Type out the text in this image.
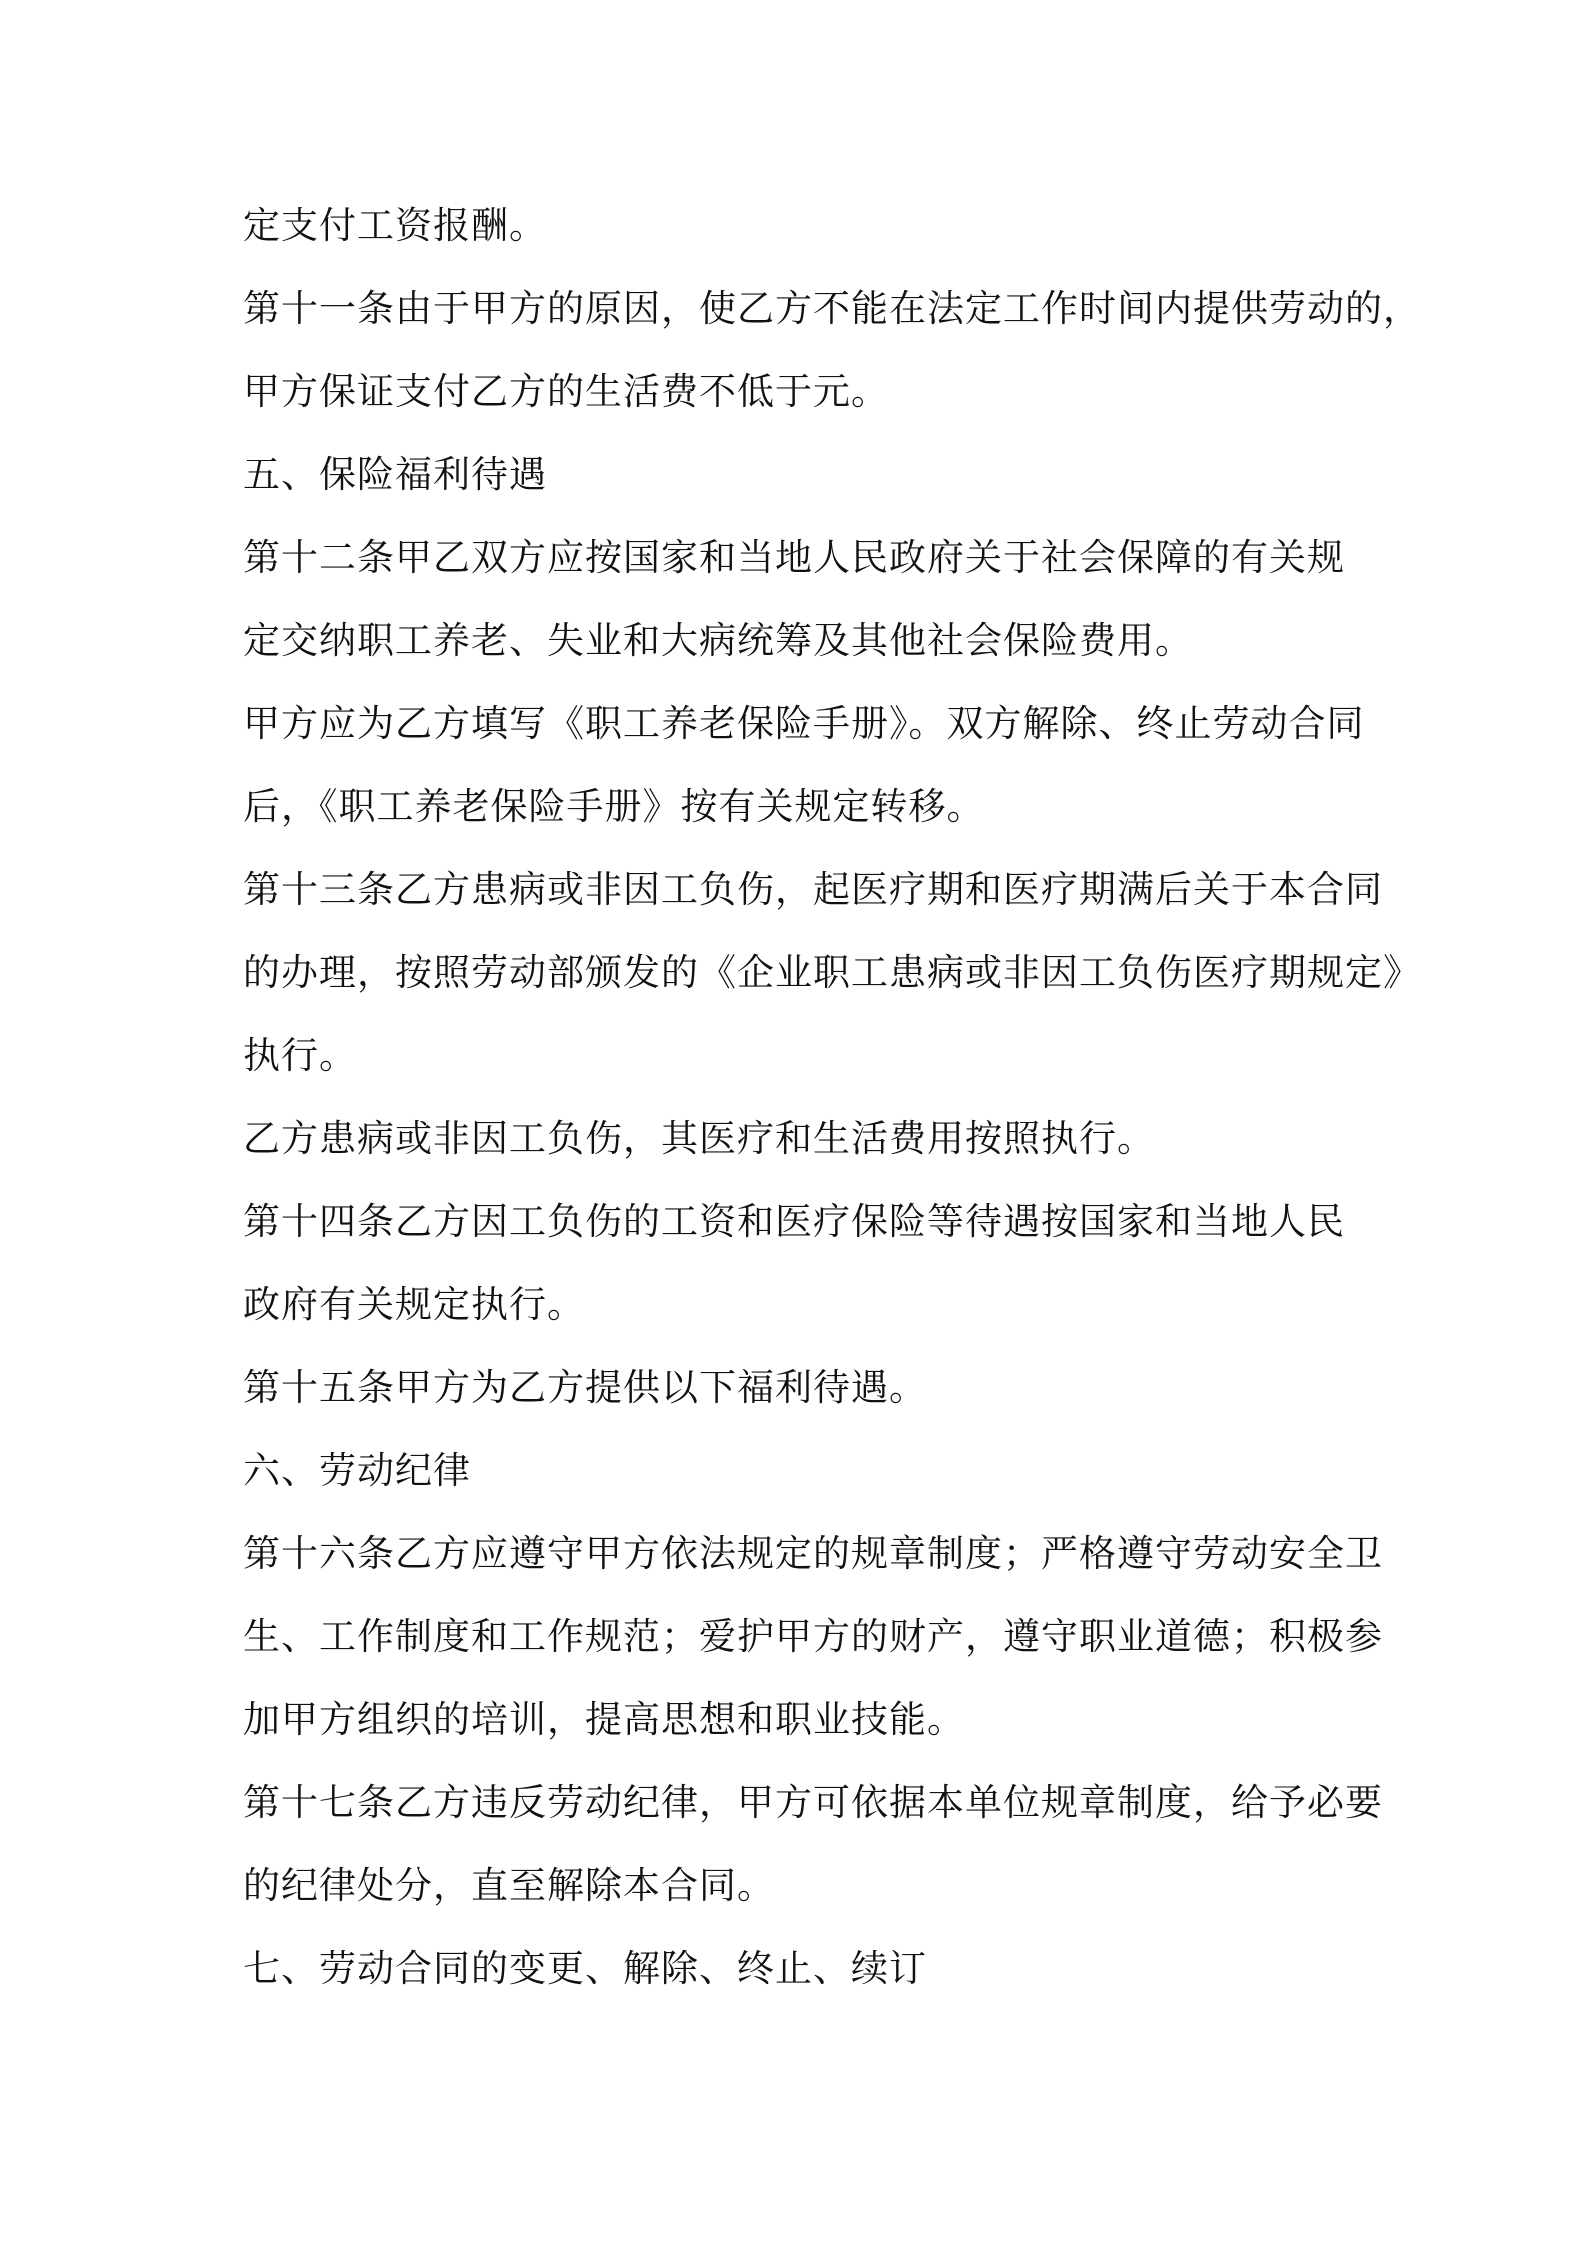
定支付工资报酬。

第十一条由于甲方的原因，使乙方不能在法定工作时间内提供劳动的，

甲方保证支付乙方的生活费不低于元。

五、保险福利待遇

第十二条甲乙双方应按国家和当地人民政府关于社会保障的有关规

定交纳职工养老、失业和大病统筹及其他社会保险费用。

甲方应为乙方填写《职工养老保险手册》。双方解除、终止劳动合同

后，《职工养老保险手册》按有关规定转移。

第十三条乙方患病或非因工负伤，起医疗期和医疗期满后关于本合同

的办理，按照劳动部颁发的《企业职工患病或非因工负伤医疗期规定》

执行。

乙方患病或非因工负伤，其医疗和生活费用按照执行。

第十四条乙方因工负伤的工资和医疗保险等待遇按国家和当地人民

政府有关规定执行。

第十五条甲方为乙方提供以下福利待遇。

六、劳动纪律

第十六条乙方应遵守甲方依法规定的规章制度；严格遵守劳动安全卫

生、工作制度和工作规范；爱护甲方的财产，遵守职业道德；积极参

加甲方组织的培训，提高思想和职业技能。

第十七条乙方违反劳动纪律，甲方可依据本单位规章制度，给予必要

的纪律处分，直至解除本合同。

七、劳动合同的变更、解除、终止、续订
